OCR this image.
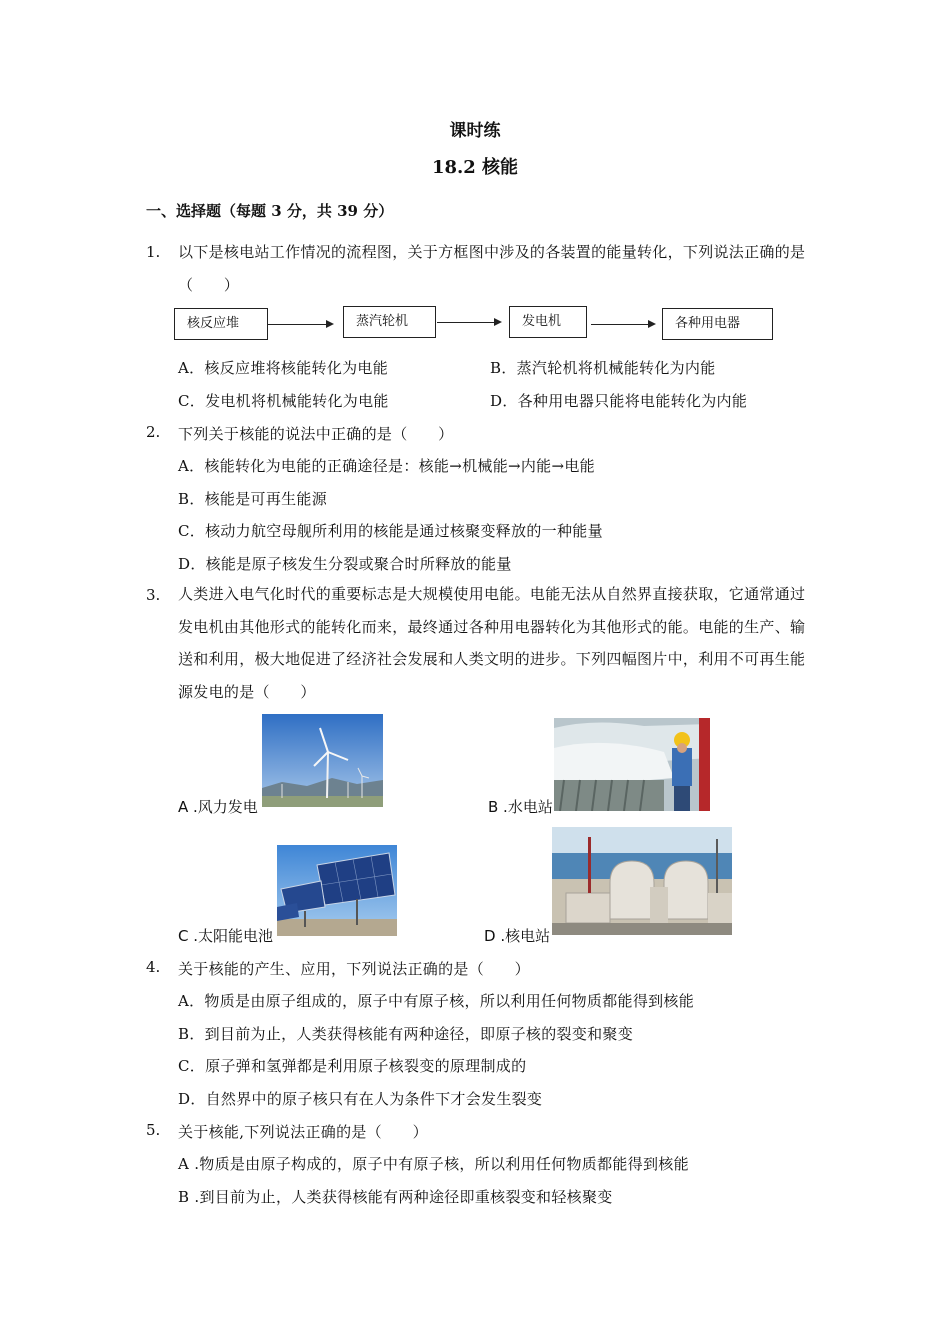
课时练
18.2 核能
一、选择题（每题 3 分，共 39 分）
1. 以下是核电站工作情况的流程图，关于方框图中涉及的各装置的能量转化，下列说法正确的是（　　）
核反应堆	蒸汽轮机	发电机	各种用电器
A．核反应堆将核能转化为电能	B．蒸汽轮机将机械能转化为内能
C．发电机将机械能转化为电能	D．各种用电器只能将电能转化为内能
2. 下列关于核能的说法中正确的是（　　）
A．核能转化为电能的正确途径是：核能→机械能→内能→电能
B．核能是可再生能源
C．核动力航空母舰所利用的核能是通过核聚变释放的一种能量
D．核能是原子核发生分裂或聚合时所释放的能量
3. 人类进入电气化时代的重要标志是大规模使用电能。电能无法从自然界直接获取，它通常通过发电机由其他形式的能转化而来，最终通过各种用电器转化为其他形式的能。电能的生产、输送和利用，极大地促进了经济社会发展和人类文明的进步。下列四幅图片中，利用不可再生能源发电的是（　　）
A .风力发电	B .水电站
C .太阳能电池	D .核电站
4. 关于核能的产生、应用，下列说法正确的是（　　）
A．物质是由原子组成的，原子中有原子核，所以利用任何物质都能得到核能
B．到目前为止，人类获得核能有两种途径，即原子核的裂变和聚变
C．原子弹和氢弹都是利用原子核裂变的原理制成的
D．自然界中的原子核只有在人为条件下才会发生裂变
5. 关于核能,下列说法正确的是（　　）
A .物质是由原子构成的，原子中有原子核，所以利用任何物质都能得到核能
B .到目前为止，人类获得核能有两种途径即重核裂变和轻核聚变
